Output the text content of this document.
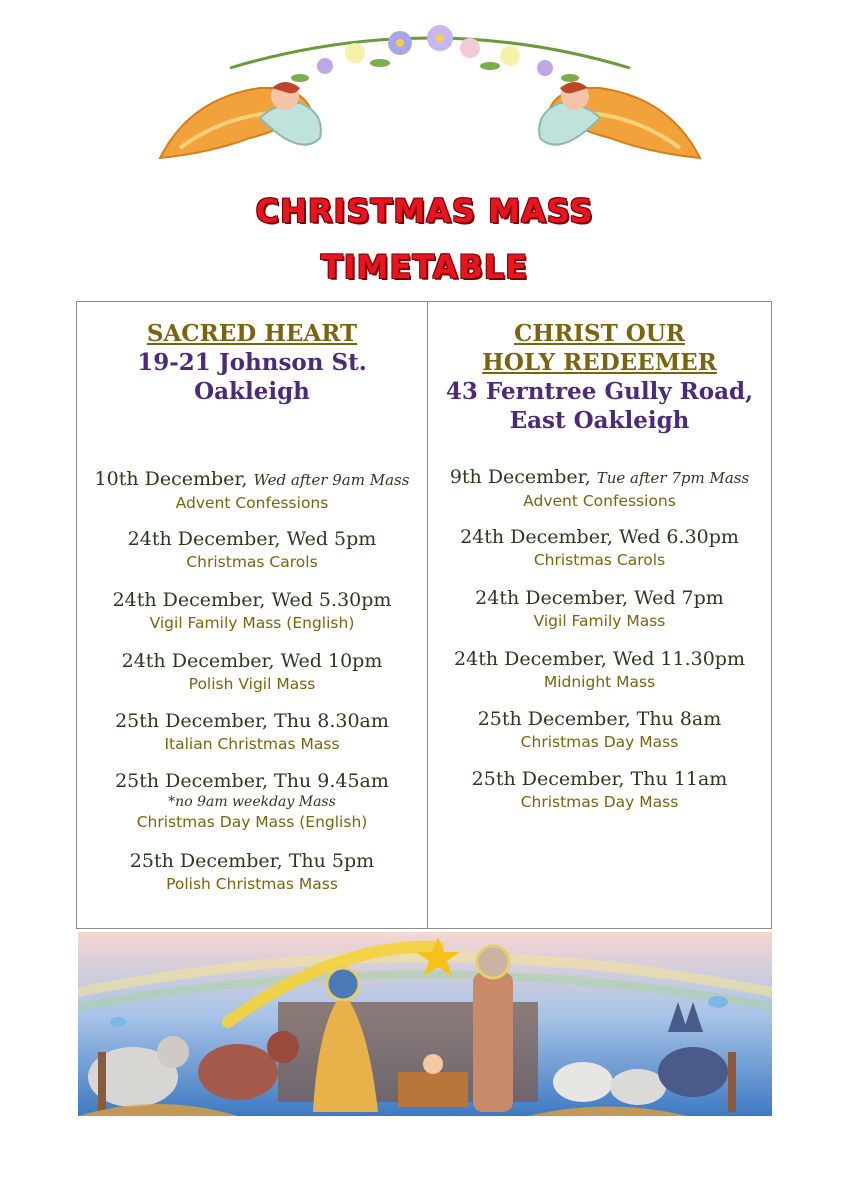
CHRISTMAS MASS
TIMETABLE
SACRED HEART
19-21 Johnson St.
Oakleigh
10th December, Wed after 9am Mass
Advent Confessions
24th December, Wed 5pm
Christmas Carols
24th December, Wed 5.30pm
Vigil Family Mass (English)
24th December, Wed 10pm
Polish Vigil Mass
25th December, Thu 8.30am
Italian Christmas Mass
25th December, Thu 9.45am
*no 9am weekday Mass
Christmas Day Mass (English)
25th December, Thu 5pm
Polish Christmas Mass
CHRIST OUR
HOLY REDEEMER
43 Ferntree Gully Road,
East Oakleigh
9th December, Tue after 7pm Mass
Advent Confessions
24th December, Wed 6.30pm
Christmas Carols
24th December, Wed 7pm
Vigil Family Mass
24th December, Wed 11.30pm
Midnight Mass
25th December, Thu 8am
Christmas Day Mass
25th December, Thu 11am
Christmas Day Mass
